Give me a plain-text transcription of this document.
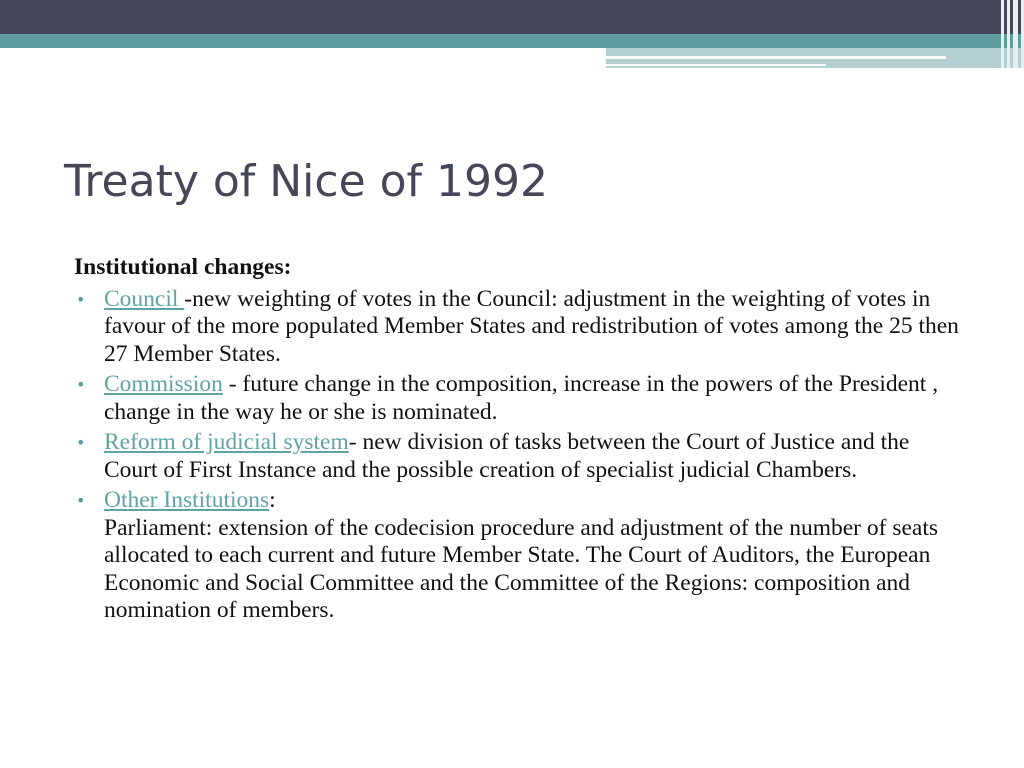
Treaty of Nice of 1992
Institutional changes:
• Council -new weighting of votes in the Council: adjustment in the weighting of votes in favour of the more populated Member States and redistribution of votes among the 25 then 27 Member States.
• Commission - future change in the composition, increase in the powers of the President , change in the way he or she is nominated.
• Reform of judicial system- new division of tasks between the Court of Justice and the Court of First Instance and the possible creation of specialist judicial Chambers.
• Other Institutions:
Parliament: extension of the codecision procedure and adjustment of the number of seats allocated to each current and future Member State. The Court of Auditors, the European Economic and Social Committee and the Committee of the Regions: composition and nomination of members.
